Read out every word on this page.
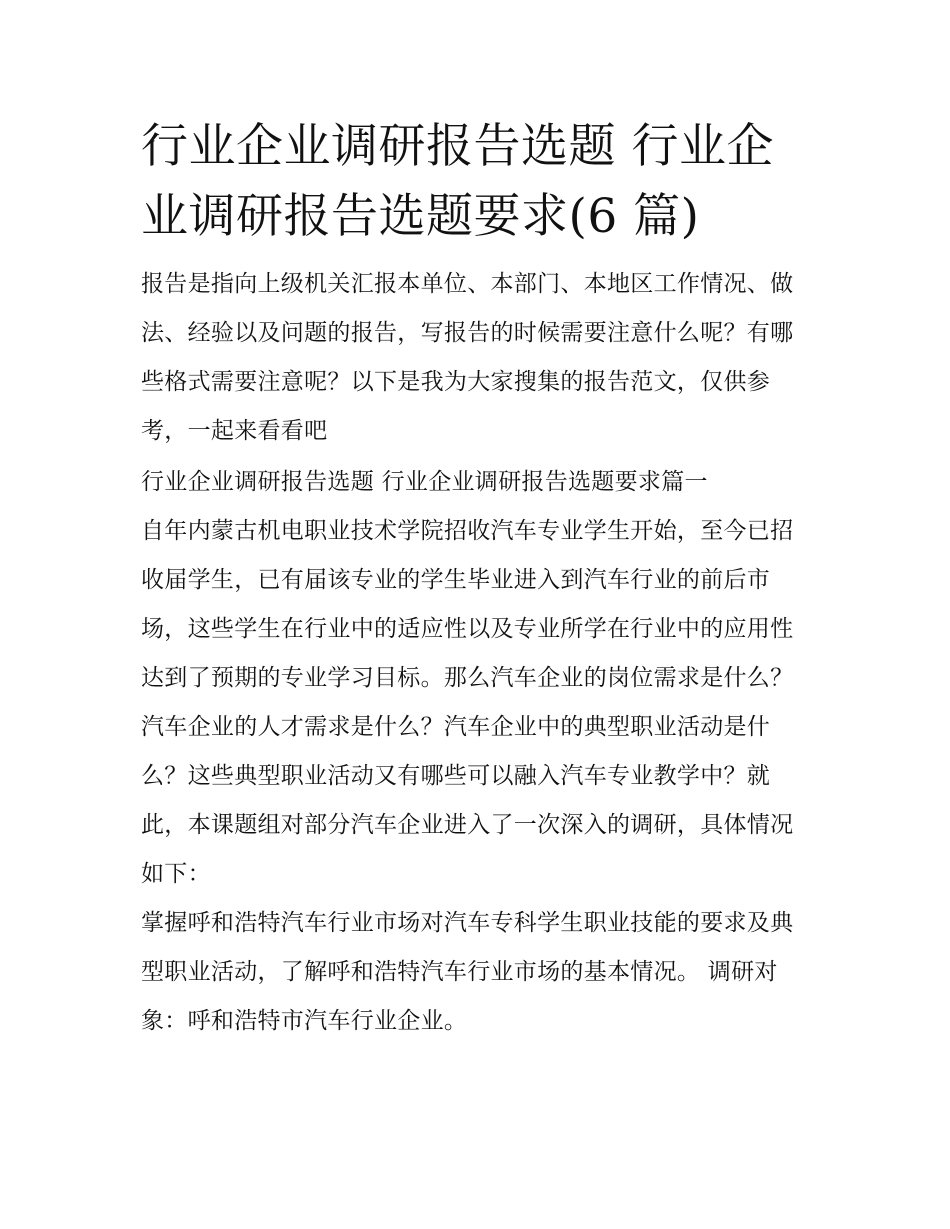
行业企业调研报告选题 行业企业调研报告选题要求(6 篇)

报告是指向上级机关汇报本单位、本部门、本地区工作情况、做法、经验以及问题的报告，写报告的时候需要注意什么呢？有哪些格式需要注意呢？以下是我为大家搜集的报告范文，仅供参考，一起来看看吧

行业企业调研报告选题 行业企业调研报告选题要求篇一

自年内蒙古机电职业技术学院招收汽车专业学生开始，至今已招收届学生，已有届该专业的学生毕业进入到汽车行业的前后市场，这些学生在行业中的适应性以及专业所学在行业中的应用性达到了预期的专业学习目标。那么汽车企业的岗位需求是什么？汽车企业的人才需求是什么？汽车企业中的典型职业活动是什么？这些典型职业活动又有哪些可以融入汽车专业教学中？就此，本课题组对部分汽车企业进入了一次深入的调研，具体情况如下：

掌握呼和浩特汽车行业市场对汽车专科学生职业技能的要求及典型职业活动，了解呼和浩特汽车行业市场的基本情况。 调研对象：呼和浩特市汽车行业企业。
